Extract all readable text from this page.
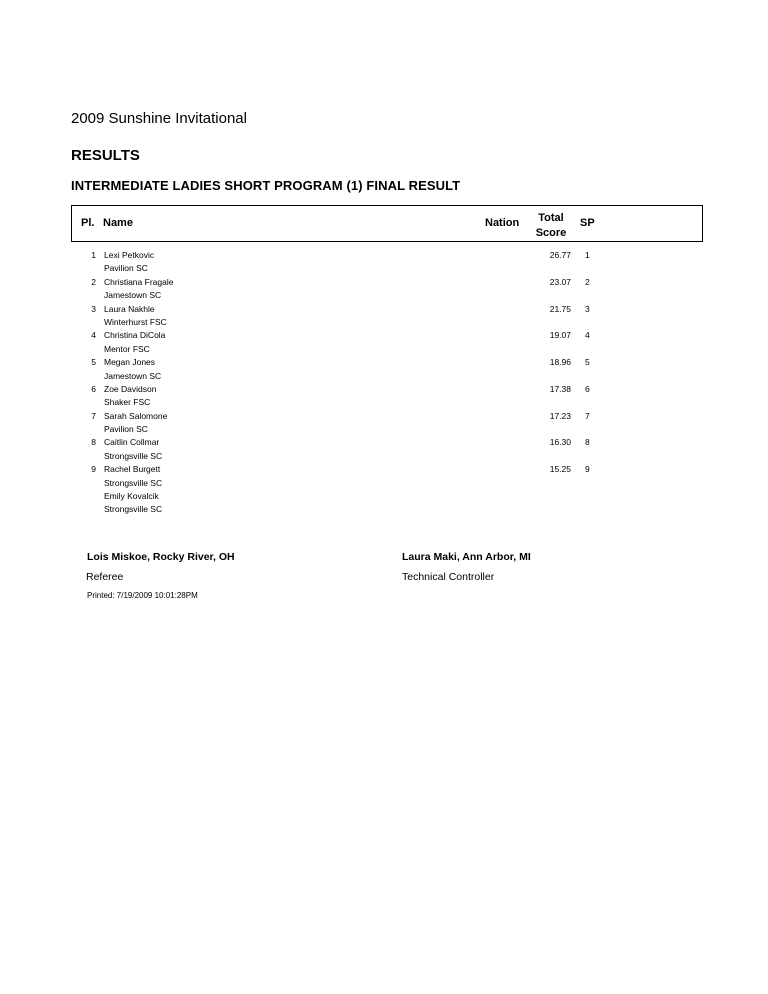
2009 Sunshine Invitational
RESULTS
INTERMEDIATE LADIES SHORT PROGRAM (1) FINAL RESULT
Pl. Name	Nation	Total
Score
SP
1 Lexi Petkovic	26.77 1
Pavilion SC
2 Christiana Fragale	23.07 2
Jamestown SC
3 Laura Nakhle	21.75 3
Winterhurst FSC
4 Christina DiCola	19.07 4
Mentor FSC
5 Megan Jones	18.96 5
Jamestown SC
6 Zoe Davidson	17.38 6
Shaker FSC
7 Sarah Salomone	17.23 7
Pavilion SC
8 Caitlin Collmar	16.30 8
Strongsville SC
9 Rachel Burgett	15.25 9
Strongsville SC
Emily Kovalcik
Strongsville SC
Lois Miskoe, Rocky River, OH
Referee
Laura Maki, Ann Arbor, MI
Technical Controller
Printed: 7/19/2009 10:01:28PM
